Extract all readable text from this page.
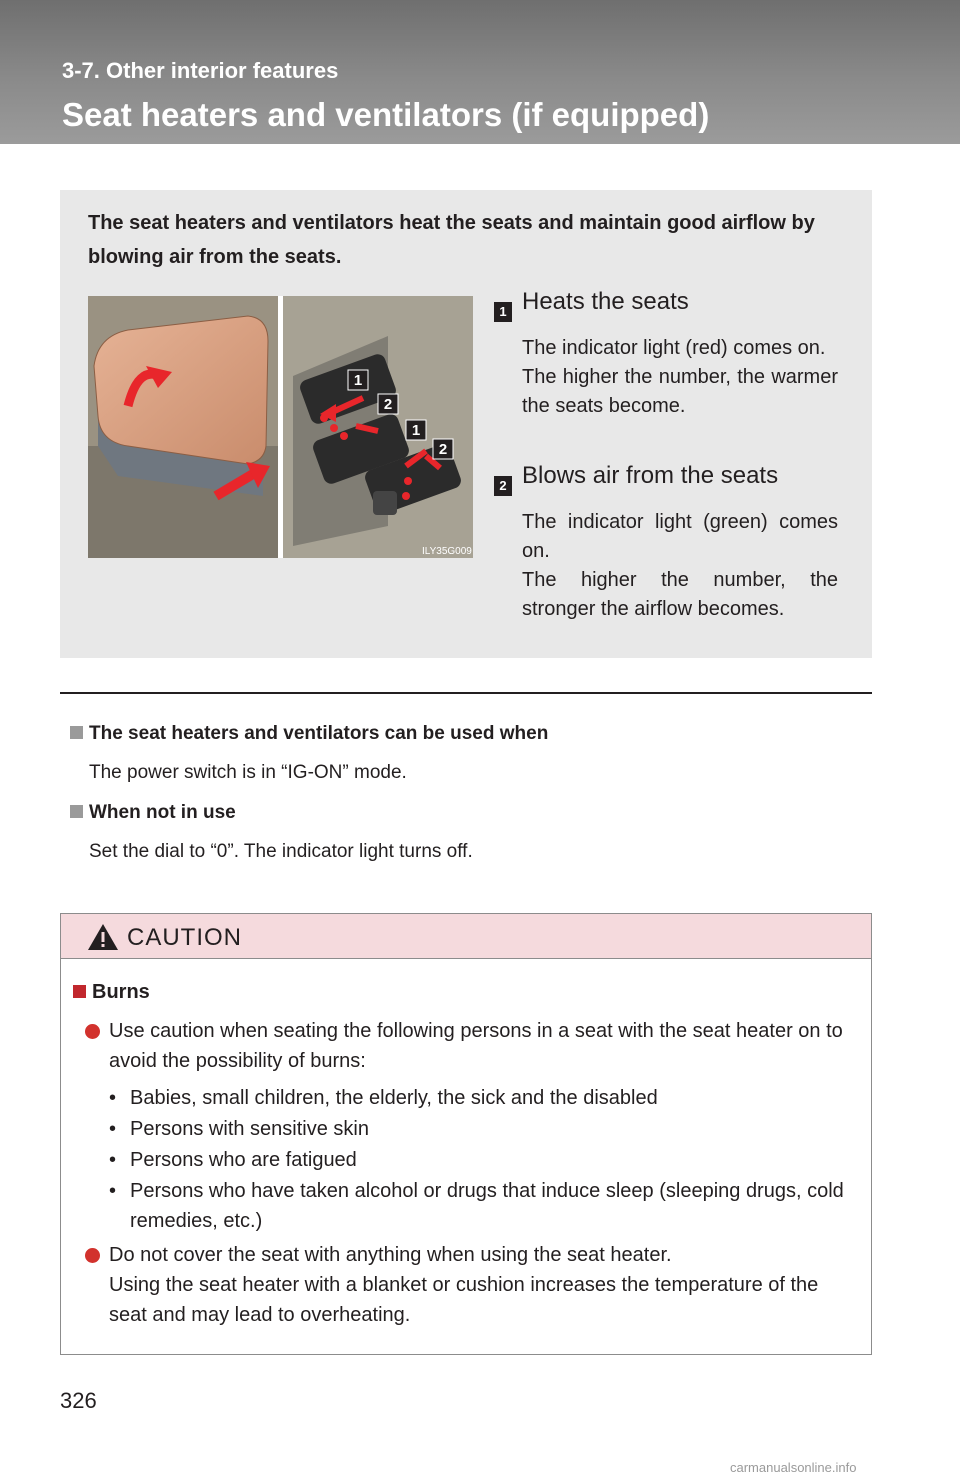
3-7. Other interior features
Seat heaters and ventilators (if equipped)
The seat heaters and ventilators heat the seats and maintain good airflow by blowing air from the seats.
1
2
1
2
ILY35G009
1 Heats the seats
The indicator light (red) comes on.
The higher the number, the warmer the seats become.
2 Blows air from the seats
The indicator light (green) comes on.
The higher the number, the stronger the airflow becomes.
The seat heaters and ventilators can be used when
The power switch is in “IG-ON” mode.
When not in use
Set the dial to “0”. The indicator light turns off.
CAUTION
Burns
Use caution when seating the following persons in a seat with the seat heater on to avoid the possibility of burns:
• Babies, small children, the elderly, the sick and the disabled
• Persons with sensitive skin
• Persons who are fatigued
• Persons who have taken alcohol or drugs that induce sleep (sleeping drugs, cold remedies, etc.)
Do not cover the seat with anything when using the seat heater.
Using the seat heater with a blanket or cushion increases the temperature of the seat and may lead to overheating.
326
carmanualsonline.info
